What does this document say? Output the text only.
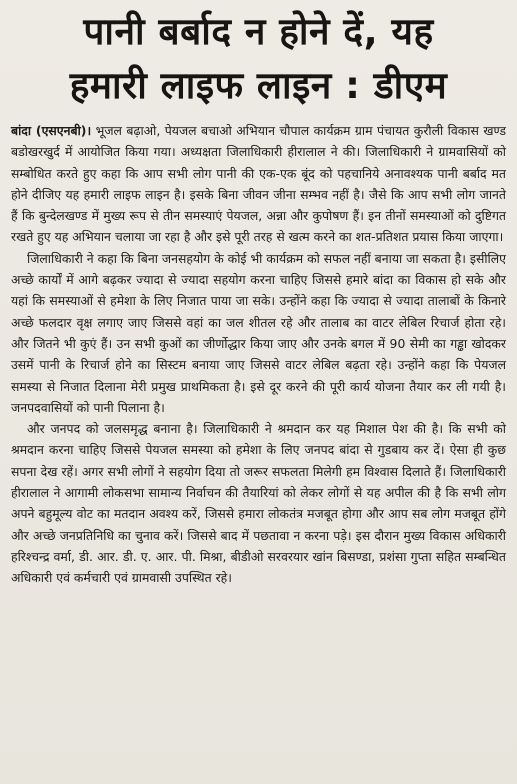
पानी बर्बाद न होने दें, यह
हमारी लाइफ लाइन : डीएम

बांदा (एसएनबी)। भूजल बढ़ाओ, पेयजल बचाओ अभियान चौपाल कार्यक्रम ग्राम पंचायत कुरौली विकास खण्ड बडोखरखुर्द में आयोजित किया गया। अध्यक्षता जिलाधिकारी हीरालाल ने की। जिलाधिकारी ने ग्रामवासियों को सम्बोधित करते हुए कहा कि आप सभी लोग पानी की एक-एक बूंद को पहचानिये अनावश्यक पानी बर्बाद मत होने दीजिए यह हमारी लाइफ लाइन है। इसके बिना जीवन जीना सम्भव नहीं है। जैसे कि आप सभी लोग जानते हैं कि बुन्देलखण्ड में मुख्य रूप से तीन समस्याएं पेयजल, अन्ना और कुपोषण हैं। इन तीनों समस्याओं को दुष्टिगत रखते हुए यह अभियान चलाया जा रहा है और इसे पूरी तरह से खत्म करने का शत-प्रतिशत प्रयास किया जाएगा।

जिलाधिकारी ने कहा कि बिना जनसहयोग के कोई भी कार्यक्रम को सफल नहीं बनाया जा सकता है। इसीलिए अच्छे कार्यों में आगे बढ़कर ज्यादा से ज्यादा सहयोग करना चाहिए जिससे हमारे बांदा का विकास हो सके और यहां कि समस्याओं से हमेशा के लिए निजात पाया जा सके। उन्होंने कहा कि ज्यादा से ज्यादा तालाबों के किनारे अच्छे फलदार वृक्ष लगाए जाए जिससे वहां का जल शीतल रहे और तालाब का वाटर लेबिल रिचार्ज होता रहे। और जितने भी कुएं हैं। उन सभी कुओं का जीर्णोद्धार किया जाए और उनके बगल में 90 सेमी का गड्ढा खोदकर उसमें पानी के रिचार्ज होने का सिस्टम बनाया जाए जिससे वाटर लेबिल बढ़ता रहे। उन्होंने कहा कि पेयजल समस्या से निजात दिलाना मेरी प्रमुख प्राथमिकता है। इसे दूर करने की पूरी कार्य योजना तैयार कर ली गयी है। जनपदवासियों को पानी पिलाना है।

और जनपद को जलसमृद्ध बनाना है। जिलाधिकारी ने श्रमदान कर यह मिशाल पेश की है। कि सभी को श्रमदान करना चाहिए जिससे पेयजल समस्या को हमेशा के लिए जनपद बांदा से गुडबाय कर दें। ऐसा ही कुछ सपना देख रहें। अगर सभी लोगों ने सहयोग दिया तो जरूर सफलता मिलेगी हम विश्वास दिलाते हैं। जिलाधिकारी हीरालाल ने आगामी लोकसभा सामान्य निर्वाचन की तैयारियां को लेकर लोगों से यह अपील की है कि सभी लोग अपने बहुमूल्य वोट का मतदान अवश्य करें, जिससे हमारा लोकतंत्र मजबूत होगा और आप सब लोग मजबूत होंगे और अच्छे जनप्रतिनिधि का चुनाव करें। जिससे बाद में पछतावा न करना पड़े। इस दौरान मुख्य विकास अधिकारी हरिश्चन्द्र वर्मा, डी. आर. डी. ए. आर. पी. मिश्रा, बीडीओ सरवरयार खांन बिसण्डा, प्रशंसा गुप्ता सहित सम्बन्धित अधिकारी एवं कर्मचारी एवं ग्रामवासी उपस्थित रहे।
